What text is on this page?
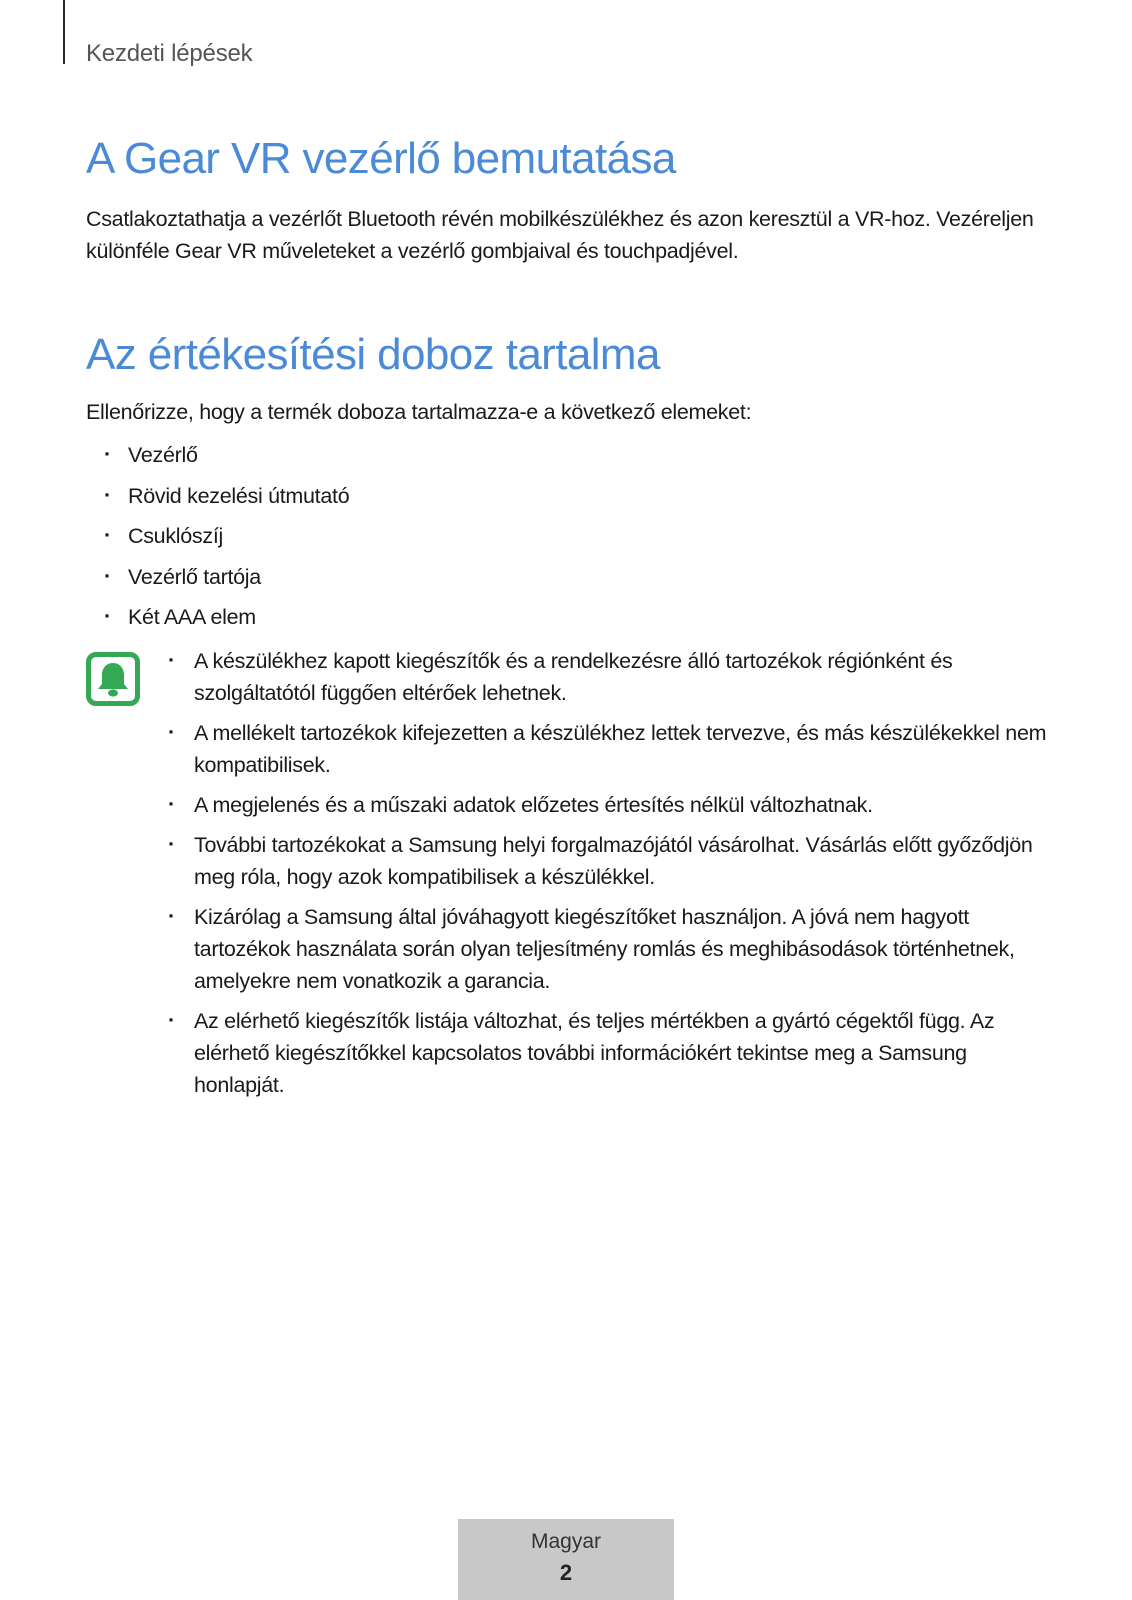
Kezdeti lépések
A Gear VR vezérlő bemutatása
Csatlakoztathatja a vezérlőt Bluetooth révén mobilkészülékhez és azon keresztül a VR-hoz. Vezéreljen különféle Gear VR műveleteket a vezérlő gombjaival és touchpadjével.
Az értékesítési doboz tartalma
Ellenőrizze, hogy a termék doboza tartalmazza-e a következő elemeket:
· Vezérlő
· Rövid kezelési útmutató
· Csuklószíj
· Vezérlő tartója
· Két AAA elem
· A készülékhez kapott kiegészítők és a rendelkezésre álló tartozékok régiónként és szolgáltatótól függően eltérőek lehetnek.
· A mellékelt tartozékok kifejezetten a készülékhez lettek tervezve, és más készülékekkel nem kompatibilisek.
· A megjelenés és a műszaki adatok előzetes értesítés nélkül változhatnak.
· További tartozékokat a Samsung helyi forgalmazójától vásárolhat. Vásárlás előtt győződjön meg róla, hogy azok kompatibilisek a készülékkel.
· Kizárólag a Samsung által jóváhagyott kiegészítőket használjon. A jóvá nem hagyott tartozékok használata során olyan teljesítmény romlás és meghibásodások történhetnek, amelyekre nem vonatkozik a garancia.
· Az elérhető kiegészítők listája változhat, és teljes mértékben a gyártó cégektől függ. Az elérhető kiegészítőkkel kapcsolatos további információkért tekintse meg a Samsung honlapját.
Magyar
2
